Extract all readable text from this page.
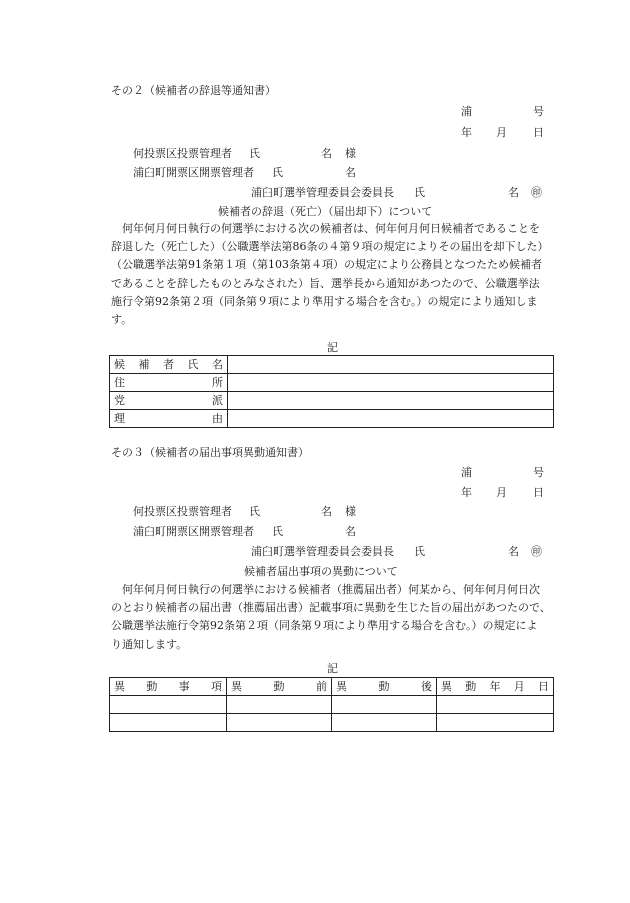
その２（候補者の辞退等通知書）
浦	号
年 月 日
何投票区投票管理者 氏	名 様
浦臼町開票区開票管理者 氏	名
浦臼町選挙管理委員会委員長 氏	名 ㊞
候補者の辞退（死亡）（届出却下）について
何年何月何日執行の何選挙における次の候補者は、何年何月何日候補者であることを
辞退した（死亡した）（公職選挙法第86条の４第９項の規定によりその届出を却下した）
（公職選挙法第91条第１項（第103条第４項）の規定により公務員となつたため候補者
であることを辞したものとみなされた）旨、選挙長から通知があつたので、公職選挙法
施行令第92条第２項（同条第９項により準用する場合を含む。）の規定により通知しま
す。
記
候 補 者 氏 名	

住 所	

党 派	

理 由	

その３（候補者の届出事項異動通知書）
浦	号
年 月 日
何投票区投票管理者 氏	名 様
浦臼町開票区開票管理者 氏	名
浦臼町選挙管理委員会委員長 氏	名 ㊞
候補者届出事項の異動について
何年何月何日執行の何選挙における候補者（推薦届出者）何某から、何年何月何日次
のとおり候補者の届出書（推薦届出書）記載事項に異動を生じた旨の届出があつたので、
公職選挙法施行令第92条第２項（同条第９項により準用する場合を含む。）の規定によ
り通知します。
記
異 動 事 項	異 動 前	異 動 後	異 動 年 月 日
